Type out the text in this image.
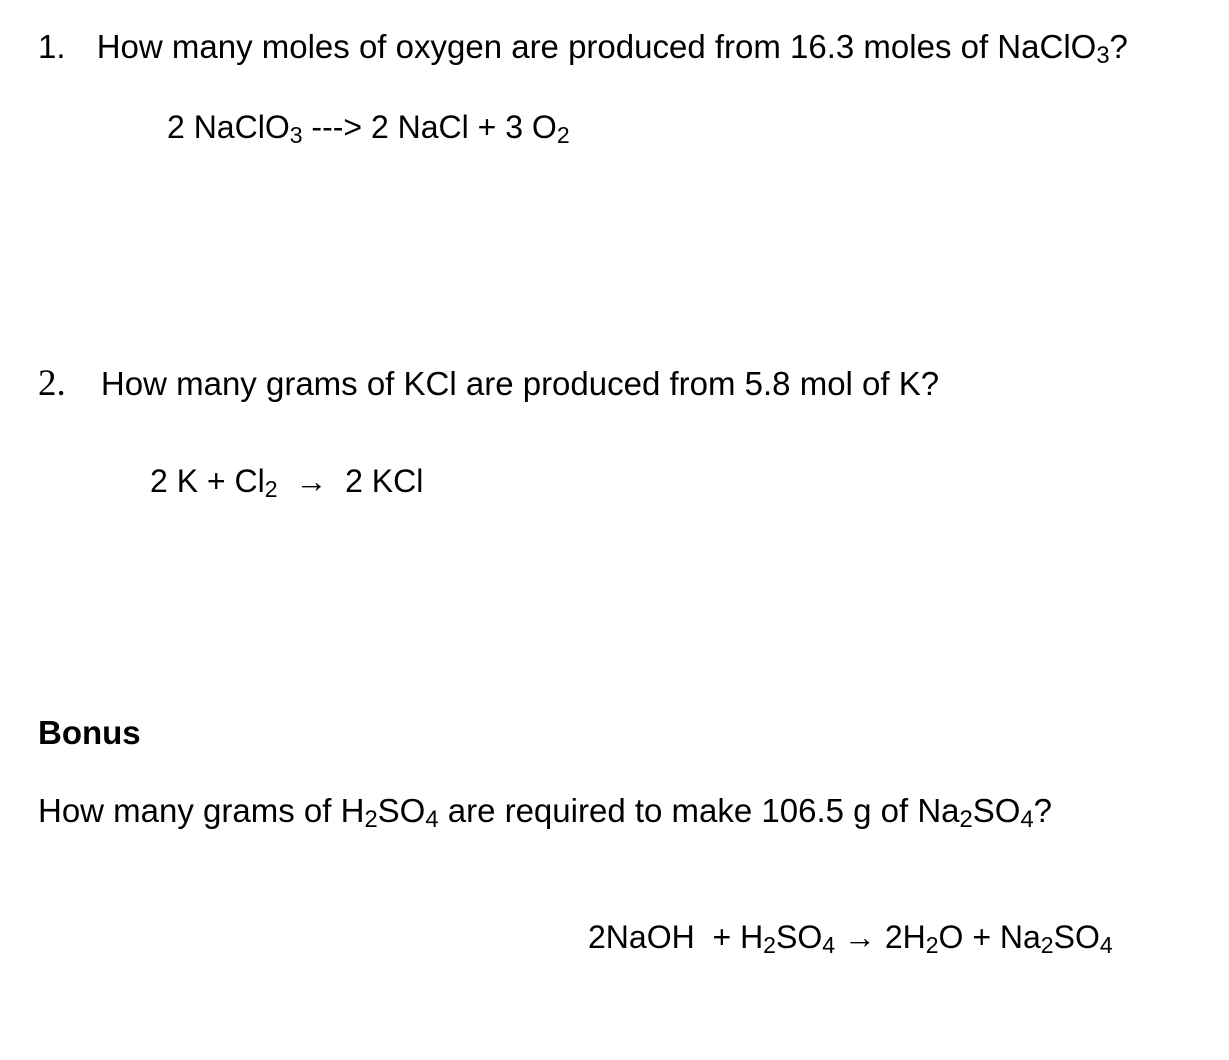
1. How many moles of oxygen are produced from 16.3 moles of NaClO$_3$?
2 NaClO$_3$ ---> 2 NaCl + 3 $O_2$
2. How many grams of KCl are produced from 5.8 mol of K?
2 $K + Cl_2 \to 2$ KCl
Bonus
How many grams of $H_2SO_4$ are required to make 106.5 g of $Na_2SO_4$?
2NaOH  + $H_2SO_4 \to 2H_2O + Na_2SO_4$
